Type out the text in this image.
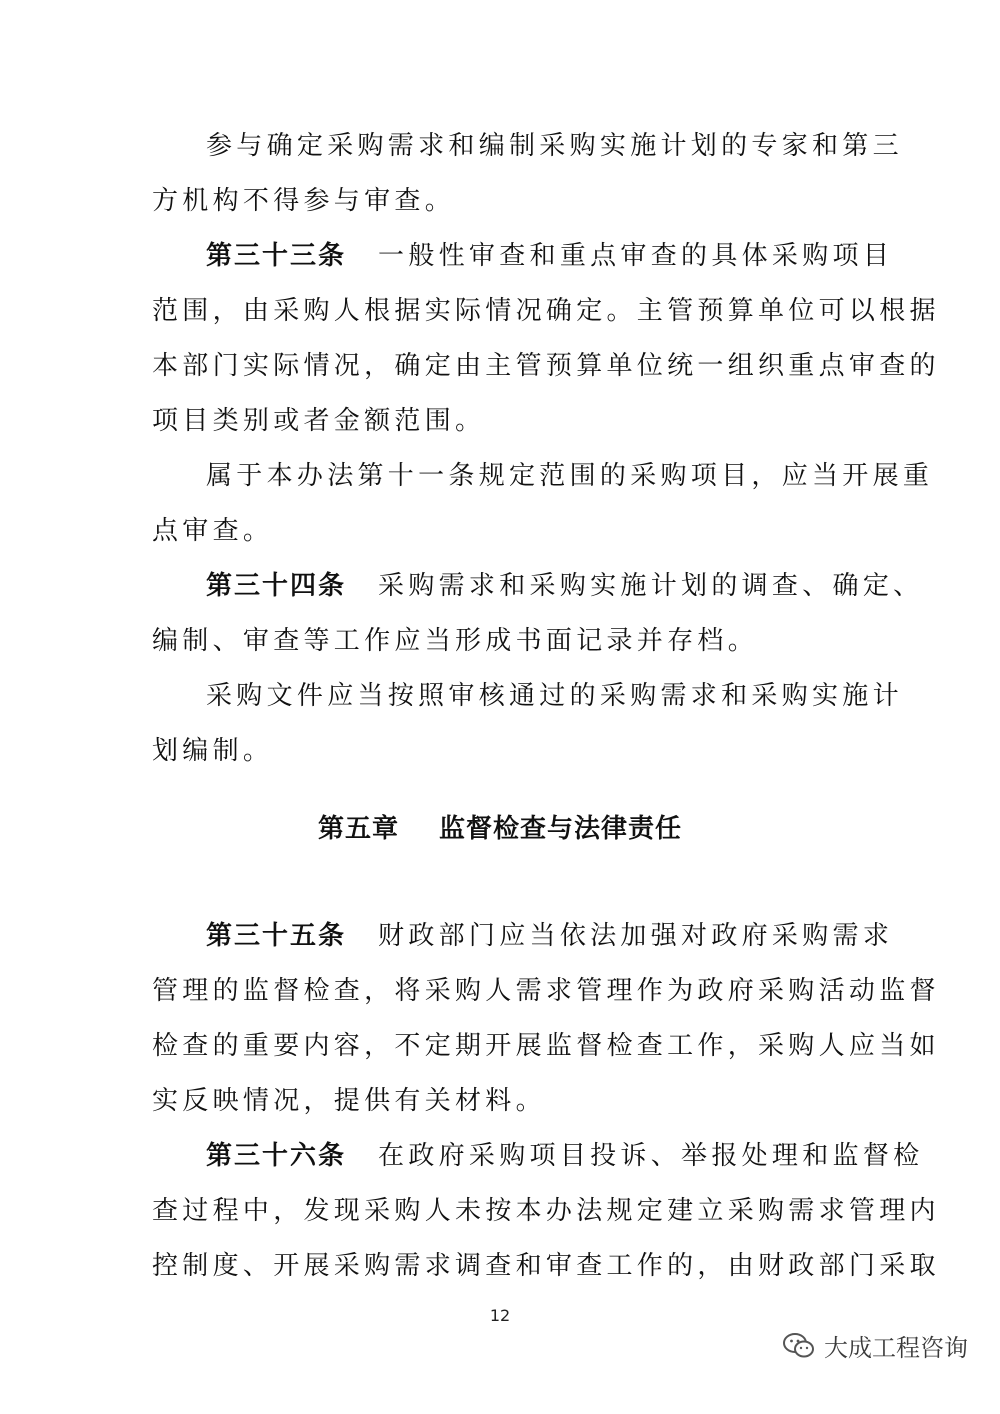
参与确定采购需求和编制采购实施计划的专家和第三
方机构不得参与审查。
第三十三条 一般性审查和重点审查的具体采购项目
范围，由采购人根据实际情况确定。主管预算单位可以根据
本部门实际情况，确定由主管预算单位统一组织重点审查的
项目类别或者金额范围。
属于本办法第十一条规定范围的采购项目，应当开展重
点审查。
第三十四条 采购需求和采购实施计划的调查、确定、
编制、审查等工作应当形成书面记录并存档。
采购文件应当按照审核通过的采购需求和采购实施计
划编制。
第五章 监督检查与法律责任
第三十五条 财政部门应当依法加强对政府采购需求
管理的监督检查，将采购人需求管理作为政府采购活动监督
检查的重要内容，不定期开展监督检查工作，采购人应当如
实反映情况，提供有关材料。
第三十六条 在政府采购项目投诉、举报处理和监督检
查过程中，发现采购人未按本办法规定建立采购需求管理内
控制度、开展采购需求调查和审查工作的，由财政部门采取
12
大成工程咨询
